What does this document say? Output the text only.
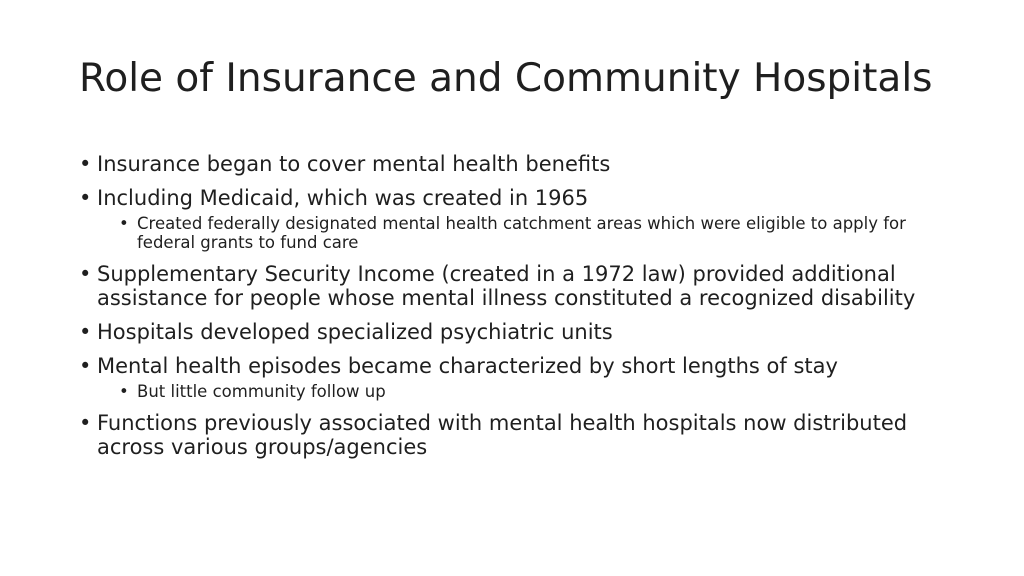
Role of Insurance and Community Hospitals
• Insurance began to cover mental health benefits
• Including Medicaid, which was created in 1965
• Created federally designated mental health catchment areas which were eligible to apply for federal grants to fund care
• Supplementary Security Income (created in a 1972 law) provided additional assistance for people whose mental illness constituted a recognized disability
• Hospitals developed specialized psychiatric units
• Mental health episodes became characterized by short lengths of stay
• But little community follow up
• Functions previously associated with mental health hospitals now distributed across various groups/agencies
